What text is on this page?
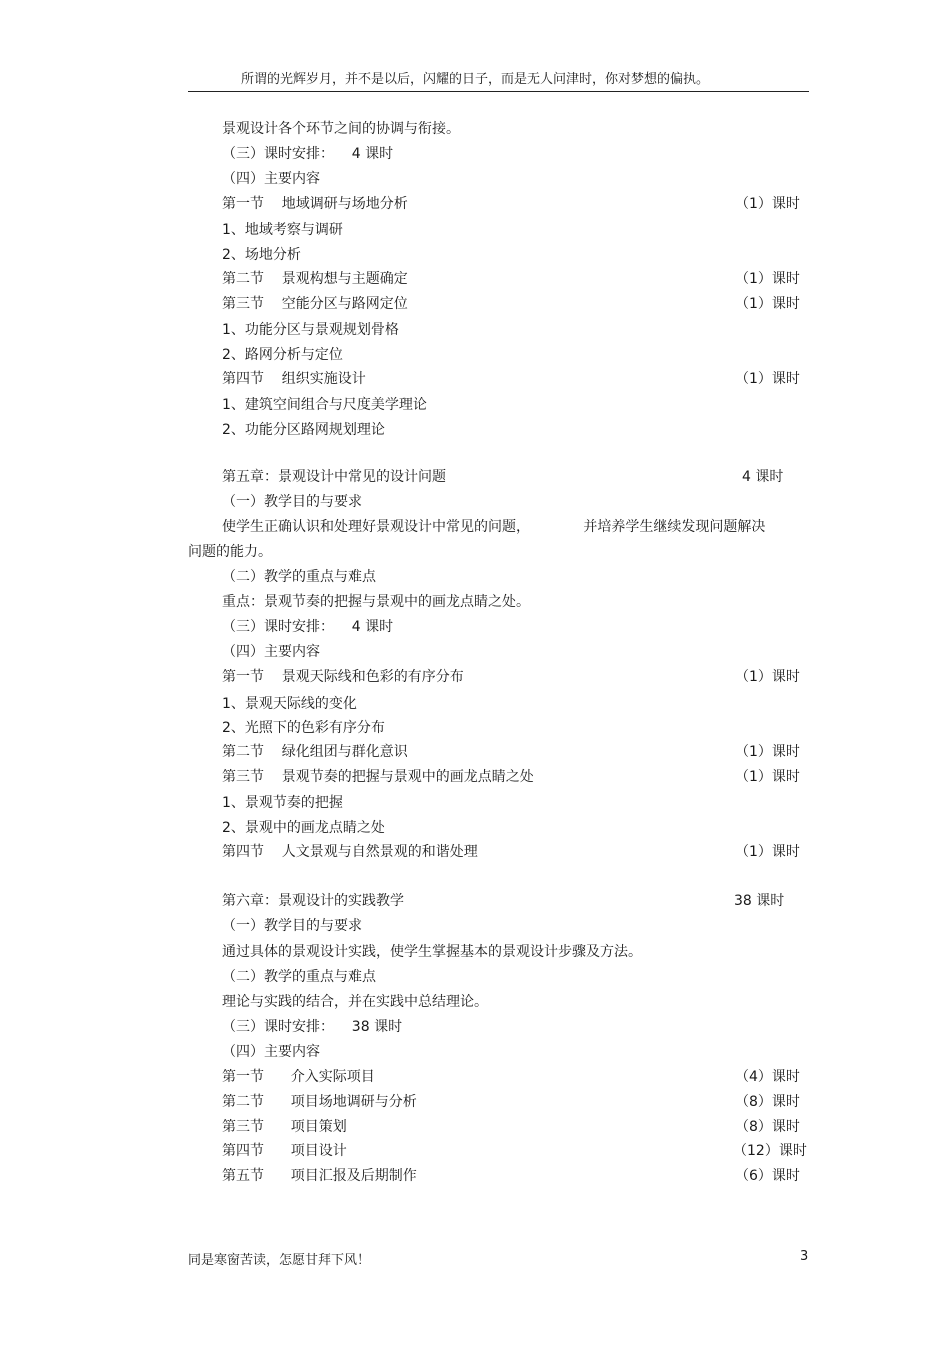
所谓的光辉岁月，并不是以后，闪耀的日子，而是无人问津时，你对梦想的偏执。
景观设计各个环节之间的协调与衔接。
（三）课时安排：    4 课时
（四）主要内容
第一节    地域调研与场地分析	（1）课时
1、地域考察与调研
2、场地分析
第二节    景观构想与主题确定	（1）课时
第三节    空能分区与路网定位	（1）课时
1、功能分区与景观规划骨格
2、路网分析与定位
第四节    组织实施设计	（1）课时
1、建筑空间组合与尺度美学理论
2、功能分区路网规划理论
第五章：景观设计中常见的设计问题	4 课时
（一）教学目的与要求
使学生正确认识和处理好景观设计中常见的问题，            并培养学生继续发现问题解决
问题的能力。
（二）教学的重点与难点
重点：景观节奏的把握与景观中的画龙点睛之处。
（三）课时安排：    4 课时
（四）主要内容
第一节    景观天际线和色彩的有序分布	（1）课时
1、景观天际线的变化
2、光照下的色彩有序分布
第二节    绿化组团与群化意识	（1）课时
第三节    景观节奏的把握与景观中的画龙点睛之处	（1）课时
1、景观节奏的把握
2、景观中的画龙点睛之处
第四节    人文景观与自然景观的和谐处理	（1）课时
第六章：景观设计的实践教学	38 课时
（一）教学目的与要求
通过具体的景观设计实践，使学生掌握基本的景观设计步骤及方法。
（二）教学的重点与难点
理论与实践的结合，并在实践中总结理论。
（三）课时安排：    38 课时
（四）主要内容
第一节      介入实际项目	（4）课时
第二节      项目场地调研与分析	（8）课时
第三节      项目策划	（8）课时
第四节      项目设计	（12）课时
第五节      项目汇报及后期制作	（6）课时
同是寒窗苦读，怎愿甘拜下风！	3
